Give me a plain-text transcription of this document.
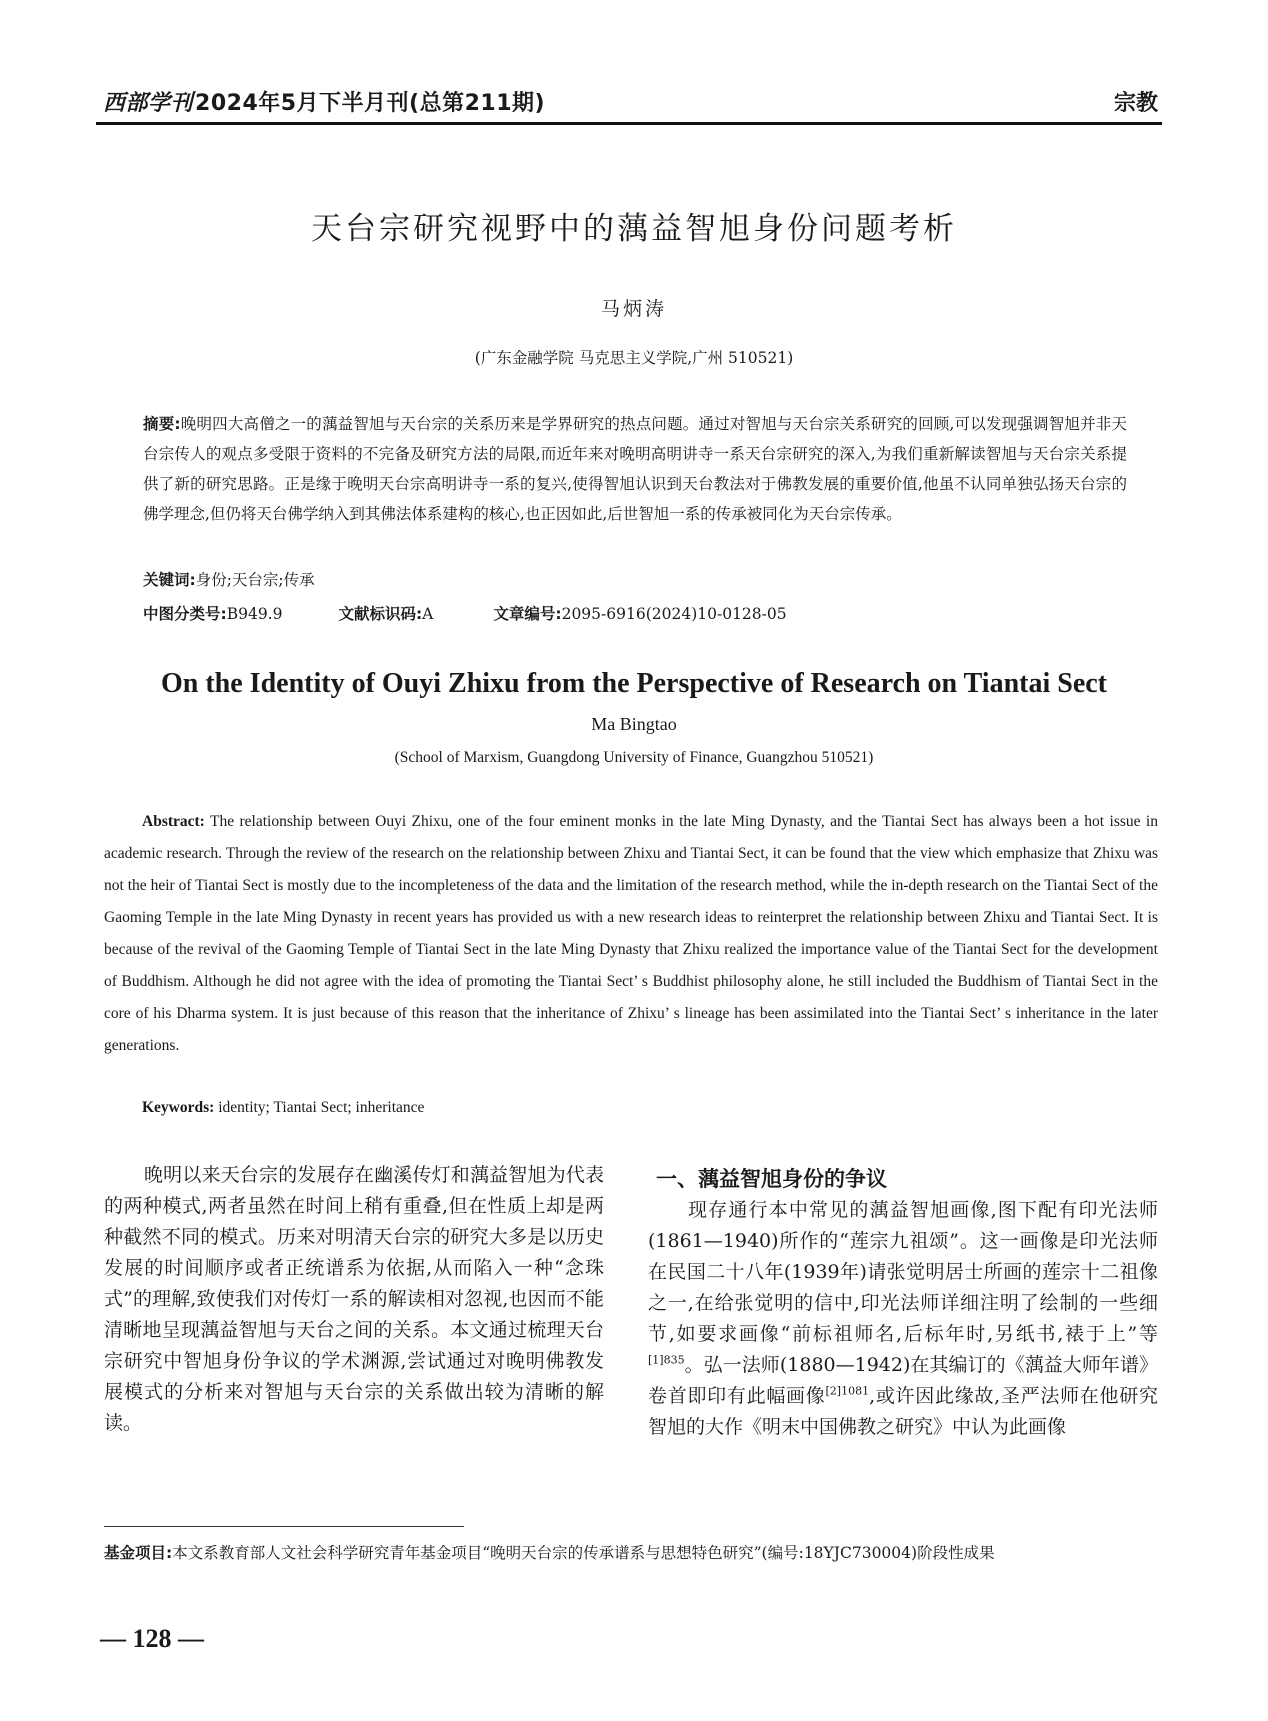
西部学刊2024年5月下半月刊(总第211期)	宗教
天台宗研究视野中的蕅益智旭身份问题考析
马炳涛
(广东金融学院 马克思主义学院,广州 510521)

摘要:晚明四大高僧之一的蕅益智旭与天台宗的关系历来是学界研究的热点问题。通过对智旭与天台宗关系研究的回顾,可以发现强调智旭并非天台宗传人的观点多受限于资料的不完备及研究方法的局限,而近年来对晚明高明讲寺一系天台宗研究的深入,为我们重新解读智旭与天台宗关系提供了新的研究思路。正是缘于晚明天台宗高明讲寺一系的复兴,使得智旭认识到天台教法对于佛教发展的重要价值,他虽不认同单独弘扬天台宗的佛学理念,但仍将天台佛学纳入到其佛法体系建构的核心,也正因如此,后世智旭一系的传承被同化为天台宗传承。

关键词:身份;天台宗;传承
中图分类号:B949.9	文献标识码:A	文章编号:2095-6916(2024)10-0128-05
On the Identity of Ouyi Zhixu from the Perspective of Research on Tiantai Sect
Ma Bingtao
(School of Marxism, Guangdong University of Finance, Guangzhou 510521)

Abstract: The relationship between Ouyi Zhixu, one of the four eminent monks in the late Ming Dynasty, and the Tiantai Sect has always been a hot issue in academic research. Through the review of the research on the relationship between Zhixu and Tiantai Sect, it can be found that the view which emphasize that Zhixu was not the heir of Tiantai Sect is mostly due to the incompleteness of the data and the limitation of the research method, while the in-depth research on the Tiantai Sect of the Gaoming Temple in the late Ming Dynasty in recent years has provided us with a new research ideas to reinterpret the relationship between Zhixu and Tiantai Sect. It is because of the revival of the Gaoming Temple of Tiantai Sect in the late Ming Dynasty that Zhixu realized the importance value of the Tiantai Sect for the development of Buddhism. Although he did not agree with the idea of promoting the Tiantai Sect’ s Buddhist philosophy alone, he still included the Buddhism of Tiantai Sect in the core of his Dharma system. It is just because of this reason that the inheritance of Zhixu’ s lineage has been assimilated into the Tiantai Sect’ s inheritance in the later generations.

Keywords: identity; Tiantai Sect; inheritance

晚明以来天台宗的发展存在幽溪传灯和蕅益智旭为代表的两种模式,两者虽然在时间上稍有重叠,但在性质上却是两种截然不同的模式。历来对明清天台宗的研究大多是以历史发展的时间顺序或者正统谱系为依据,从而陷入一种“念珠式”的理解,致使我们对传灯一系的解读相对忽视,也因而不能清晰地呈现蕅益智旭与天台之间的关系。本文通过梳理天台宗研究中智旭身份争议的学术渊源,尝试通过对晚明佛教发展模式的分析来对智旭与天台宗的关系做出较为清晰的解读。

一、蕅益智旭身份的争议

现存通行本中常见的蕅益智旭画像,图下配有印光法师(1861—1940)所作的“莲宗九祖颂”。这一画像是印光法师在民国二十八年(1939年)请张觉明居士所画的莲宗十二祖像之一,在给张觉明的信中,印光法师详细注明了绘制的一些细节,如要求画像“前标祖师名,后标年时,另纸书,裱于上”等$^{[1]835}$。弘一法师(1880—1942)在其编订的《蕅益大师年谱》卷首即印有此幅画像$^{[2]1081}$,或许因此缘故,圣严法师在他研究智旭的大作《明末中国佛教之研究》中认为此画像

基金项目:本文系教育部人文社会科学研究青年基金项目“晚明天台宗的传承谱系与思想特色研究”(编号:18YJC730004)阶段性成果

— 128 —
